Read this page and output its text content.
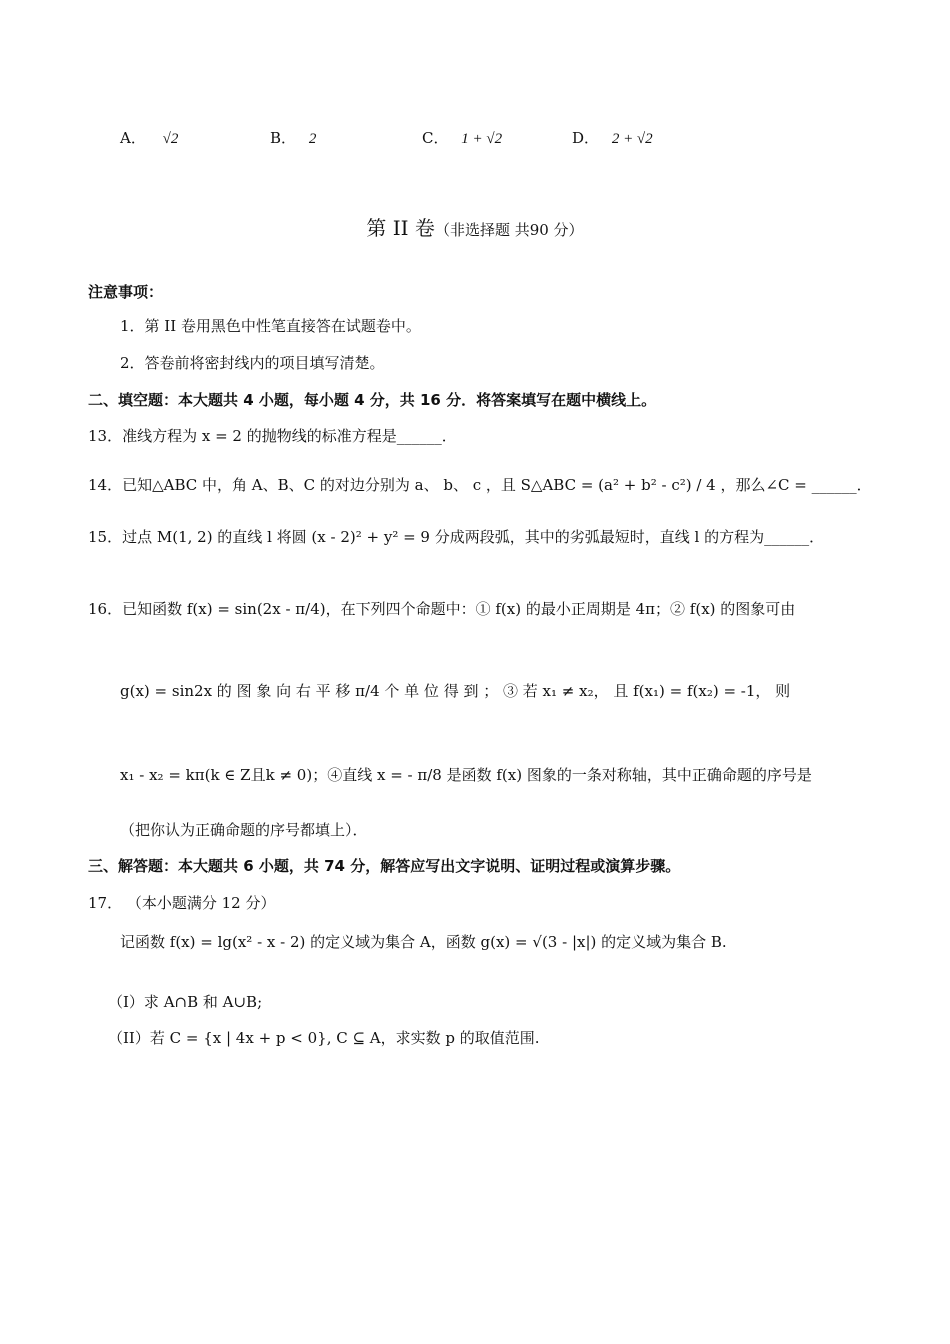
A． √2	B． 2	C． 1 + √2	D． 2 + √2
第 II 卷（非选择题 共90 分）
注意事项：
1．第 II 卷用黑色中性笔直接答在试题卷中。
2．答卷前将密封线内的项目填写清楚。
二、填空题：本大题共 4 小题，每小题 4 分，共 16 分．将答案填写在题中横线上。
13．准线方程为 x = 2 的抛物线的标准方程是______．
14．已知△ABC 中，角 A、B、C 的对边分别为 a、 b、 c ，且 S△ABC = (a² + b² - c²) / 4 ，那么∠C = ______．
15．过点 M(1, 2) 的直线 l 将圆 (x - 2)² + y² = 9 分成两段弧，其中的劣弧最短时，直线 l 的方程为______．
16．已知函数 f(x) = sin(2x - π/4)，在下列四个命题中：① f(x) 的最小正周期是 4π；② f(x) 的图象可由
g(x) = sin2x 的 图 象 向 右 平 移 π/4 个 单 位 得 到 ； ③ 若 x₁ ≠ x₂， 且 f(x₁) = f(x₂) = -1， 则
x₁ - x₂ = kπ(k ∈ Z且k ≠ 0)；④直线 x = - π/8 是函数 f(x) 图象的一条对称轴，其中正确命题的序号是
（把你认为正确命题的序号都填上）．
三、解答题：本大题共 6 小题，共 74 分，解答应写出文字说明、证明过程或演算步骤。
17． （本小题满分 12 分）
记函数 f(x) = lg(x² - x - 2) 的定义域为集合 A，函数 g(x) = √(3 - |x|) 的定义域为集合 B.
（I）求 A∩B 和 A∪B;
（II）若 C = {x | 4x + p < 0}, C ⊆ A，求实数 p 的取值范围.
